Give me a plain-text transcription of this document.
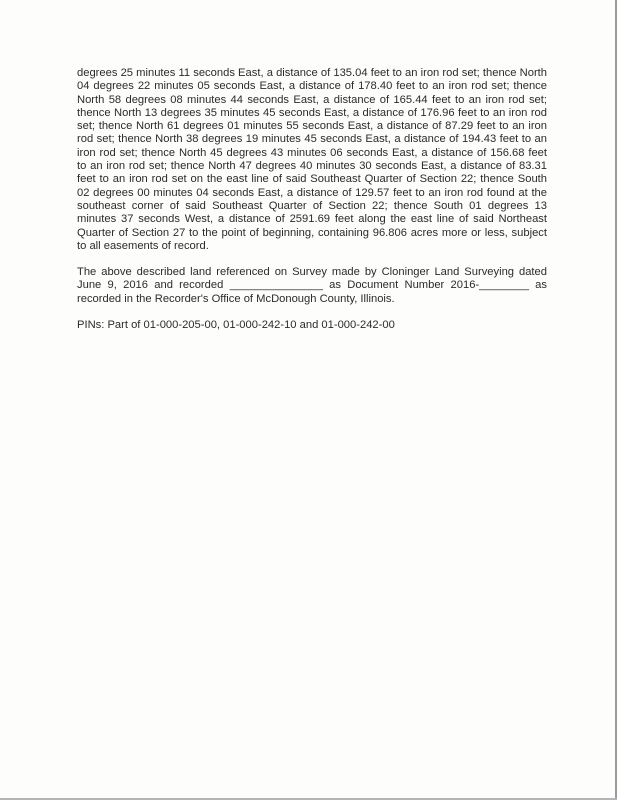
degrees 25 minutes 11 seconds East, a distance of 135.04 feet to an iron rod set; thence North 04 degrees 22 minutes 05 seconds East, a distance of 178.40 feet to an iron rod set; thence North 58 degrees 08 minutes 44 seconds East, a distance of 165.44 feet to an iron rod set; thence North 13 degrees 35 minutes 45 seconds East, a distance of 176.96 feet to an iron rod set; thence North 61 degrees 01 minutes 55 seconds East, a distance of 87.29 feet to an iron rod set; thence North 38 degrees 19 minutes 45 seconds East, a distance of 194.43 feet to an iron rod set; thence North 45 degrees 43 minutes 06 seconds East, a distance of 156.68 feet to an iron rod set; thence North 47 degrees 40 minutes 30 seconds East, a distance of 83.31 feet to an iron rod set on the east line of said Southeast Quarter of Section 22; thence South 02 degrees 00 minutes 04 seconds East, a distance of 129.57 feet to an iron rod found at the southeast corner of said Southeast Quarter of Section 22; thence South 01 degrees 13 minutes 37 seconds West, a distance of 2591.69 feet along the east line of said Northeast Quarter of Section 27 to the point of beginning, containing 96.806 acres more or less, subject to all easements of record.

The above described land referenced on Survey made by Cloninger Land Surveying dated June 9, 2016 and recorded _______________ as Document Number 2016-________ as recorded in the Recorder's Office of McDonough County, Illinois.

PINs: Part of 01-000-205-00, 01-000-242-10 and 01-000-242-00
